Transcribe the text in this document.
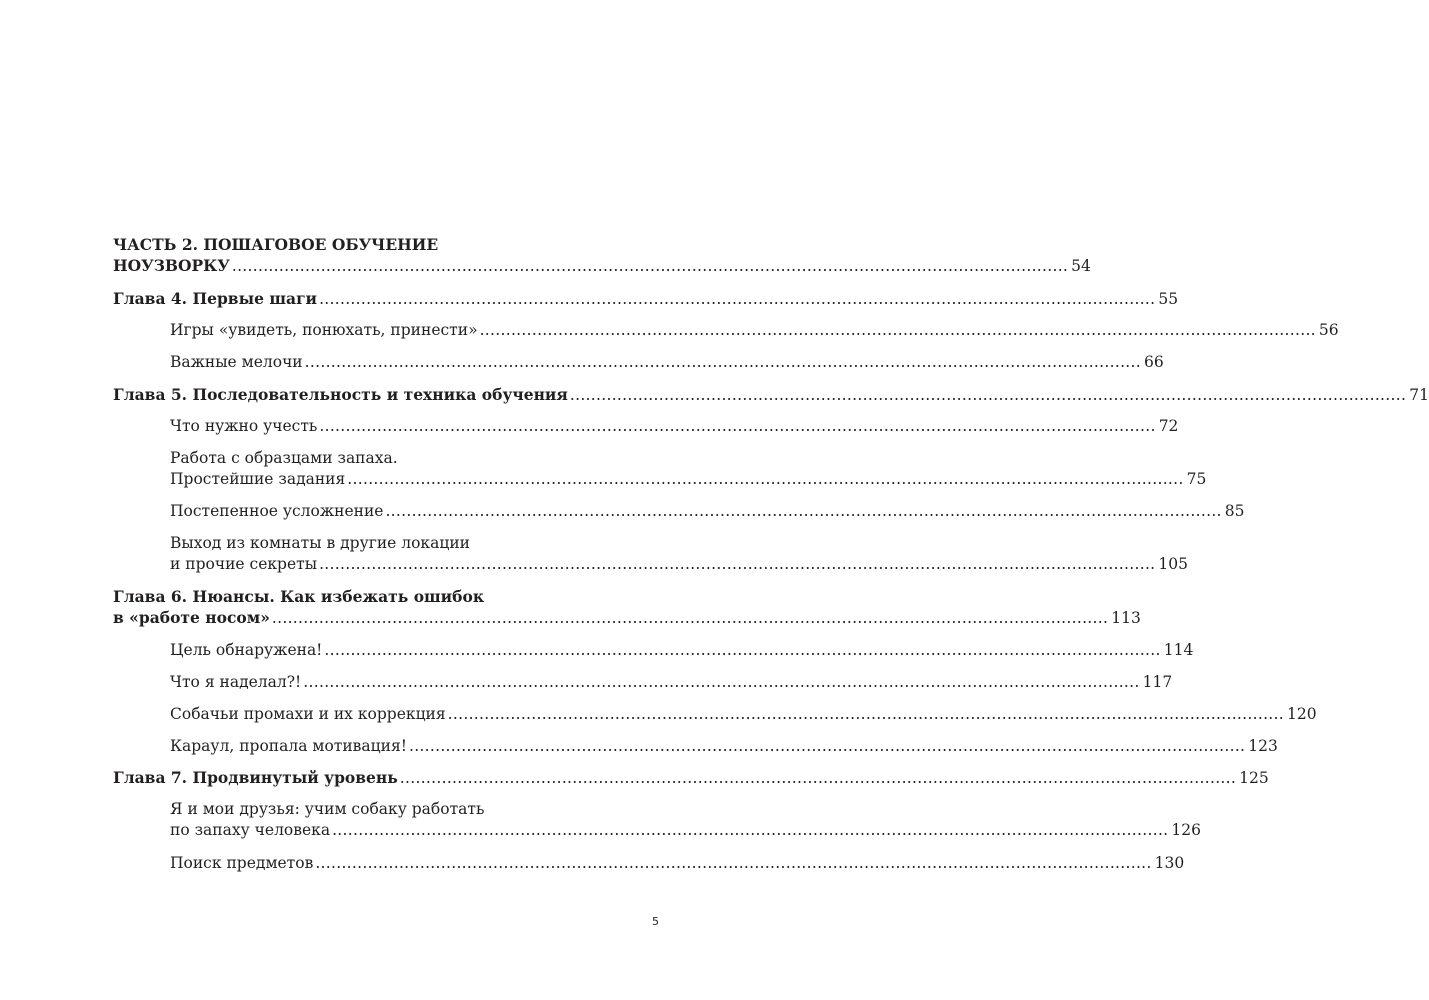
ЧАСТЬ 2. ПОШАГОВОЕ ОБУЧЕНИЕ
НОУЗВОРКУ ................................................................................................................................................................ 54
Глава 4. Первые шаги ................................................................................................................................................................ 55
Игры «увидеть, понюхать, принести» ................................................................................................................................................................ 56
Важные мелочи ................................................................................................................................................................ 66
Глава 5. Последовательность и техника обучения ................................................................................................................................................................ 71
Что нужно учесть ................................................................................................................................................................ 72
Работа с образцами запаха.
Простейшие задания ................................................................................................................................................................ 75
Постепенное усложнение ................................................................................................................................................................ 85
Выход из комнаты в другие локации
и прочие секреты ................................................................................................................................................................ 105
Глава 6. Нюансы. Как избежать ошибок
в «работе носом» ................................................................................................................................................................ 113
Цель обнаружена! ................................................................................................................................................................ 114
Что я наделал?! ................................................................................................................................................................ 117
Собачьи промахи и их коррекция ................................................................................................................................................................ 120
Караул, пропала мотивация! ................................................................................................................................................................ 123
Глава 7. Продвинутый уровень ................................................................................................................................................................ 125
Я и мои друзья: учим собаку работать
по запаху человека ................................................................................................................................................................ 126
Поиск предметов ................................................................................................................................................................ 130
5
